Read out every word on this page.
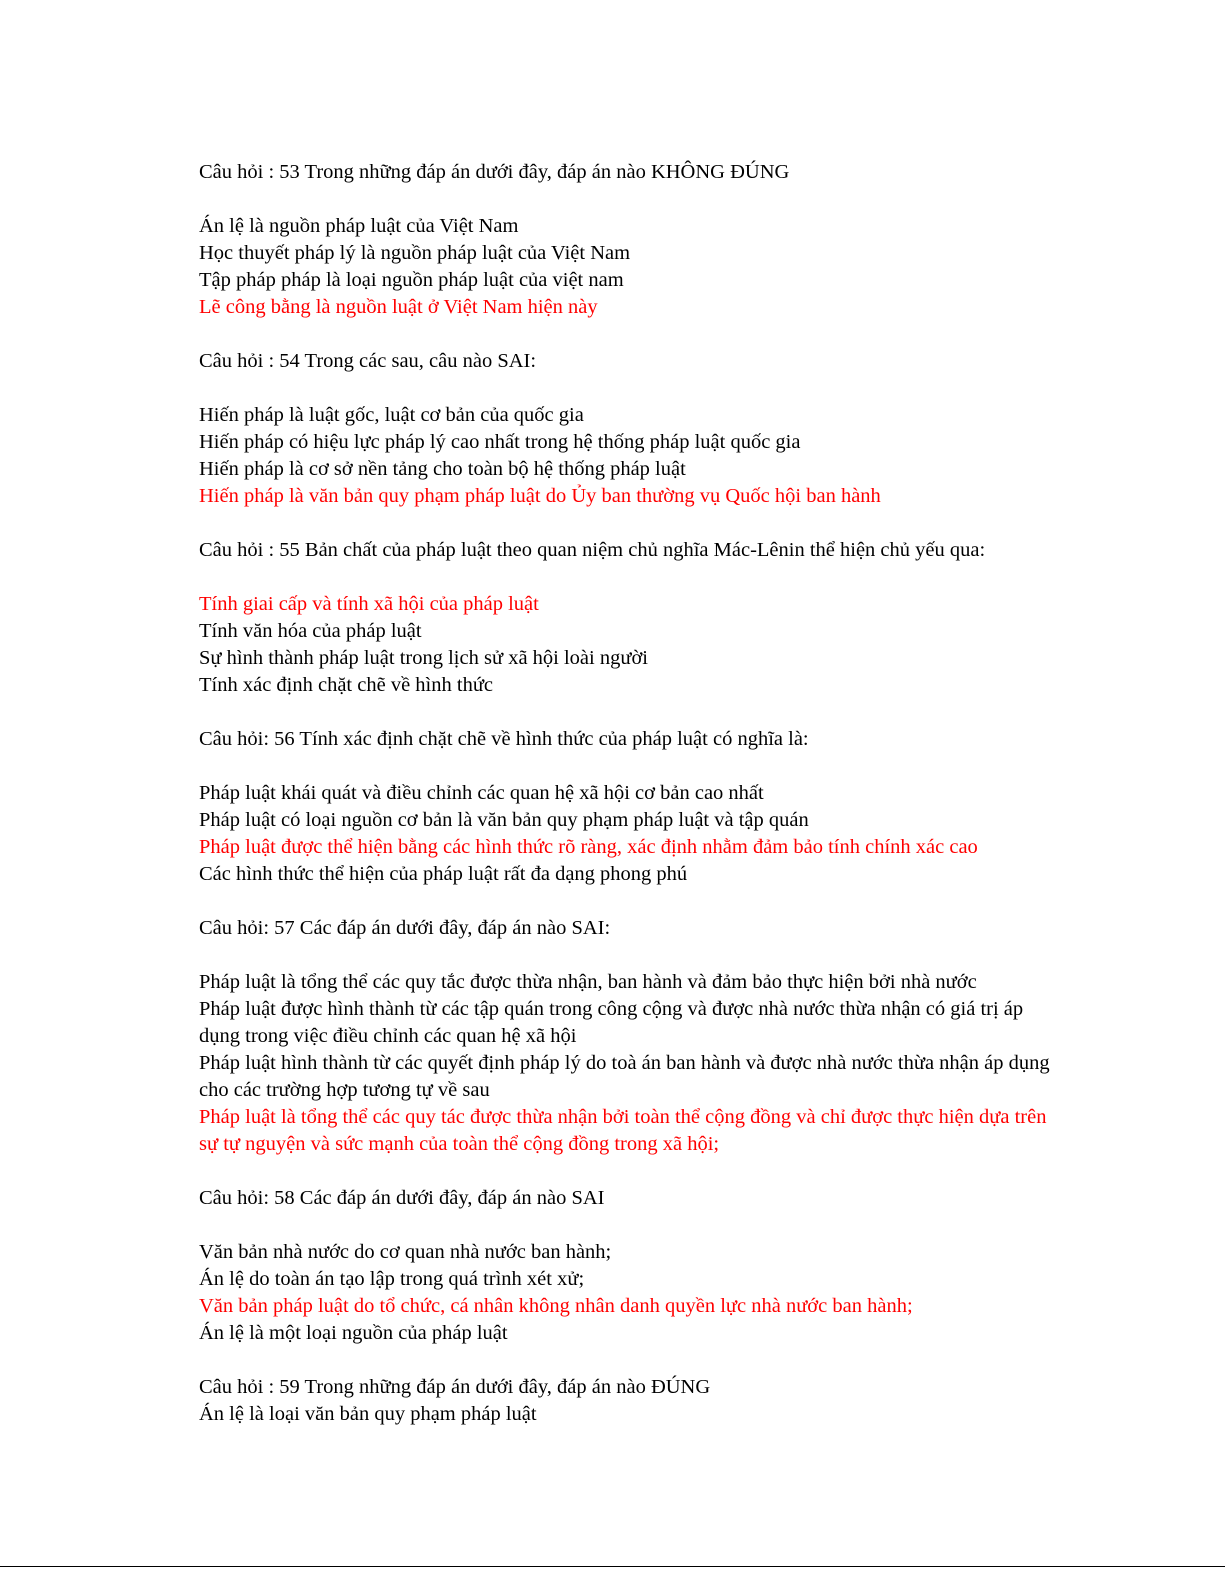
Câu hỏi : 53 Trong những đáp án dưới đây, đáp án nào KHÔNG ĐÚNG

Án lệ là nguồn pháp luật của Việt Nam

Học thuyết pháp lý là nguồn pháp luật của Việt Nam

Tập pháp pháp là loại nguồn pháp luật của việt nam

Lẽ công bằng là nguồn luật ở Việt Nam hiện này

Câu hỏi : 54 Trong các sau, câu nào SAI:

Hiến pháp là luật gốc, luật cơ bản của quốc gia

Hiến pháp có hiệu lực pháp lý cao nhất trong hệ thống pháp luật quốc gia

Hiến pháp là cơ sở nền tảng cho toàn bộ hệ thống pháp luật

Hiến pháp là văn bản quy phạm pháp luật do Ủy ban thường vụ Quốc hội ban hành

Câu hỏi : 55 Bản chất của pháp luật theo quan niệm chủ nghĩa Mác-Lênin thể hiện chủ yếu qua:

Tính giai cấp và tính xã hội của pháp luật

Tính văn hóa của pháp luật

Sự hình thành pháp luật trong lịch sử xã hội loài người

Tính xác định chặt chẽ về hình thức

Câu hỏi: 56 Tính xác định chặt chẽ về hình thức của pháp luật có nghĩa là:

Pháp luật khái quát và điều chỉnh các quan hệ xã hội cơ bản cao nhất

Pháp luật có loại nguồn cơ bản là văn bản quy phạm pháp luật và tập quán

Pháp luật được thể hiện bằng các hình thức rõ ràng, xác định nhằm đảm bảo tính chính xác cao

Các hình thức thể hiện của pháp luật rất đa dạng phong phú

Câu hỏi: 57 Các đáp án dưới đây, đáp án nào SAI:

Pháp luật là tổng thể các quy tắc được thừa nhận, ban hành và đảm bảo thực hiện bởi nhà nước

Pháp luật được hình thành từ các tập quán trong công cộng và được nhà nước thừa nhận có giá trị áp dụng trong việc điều chỉnh các quan hệ xã hội

Pháp luật hình thành từ các quyết định pháp lý do toà án ban hành và được nhà nước thừa nhận áp dụng cho các trường hợp tương tự về sau

Pháp luật là tổng thể các quy tác được thừa nhận bởi toàn thể cộng đồng và chỉ được thực hiện dựa trên sự tự nguyện và sức mạnh của toàn thể cộng đồng trong xã hội;

Câu hỏi: 58 Các đáp án dưới đây, đáp án nào SAI

Văn bản nhà nước do cơ quan nhà nước ban hành;

Án lệ do toàn án tạo lập trong quá trình xét xử;

Văn bản pháp luật do tổ chức, cá nhân không nhân danh quyền lực nhà nước ban hành;

Án lệ là một loại nguồn của pháp luật

Câu hỏi : 59 Trong những đáp án dưới đây, đáp án nào ĐÚNG

Án lệ là loại văn bản quy phạm pháp luật
